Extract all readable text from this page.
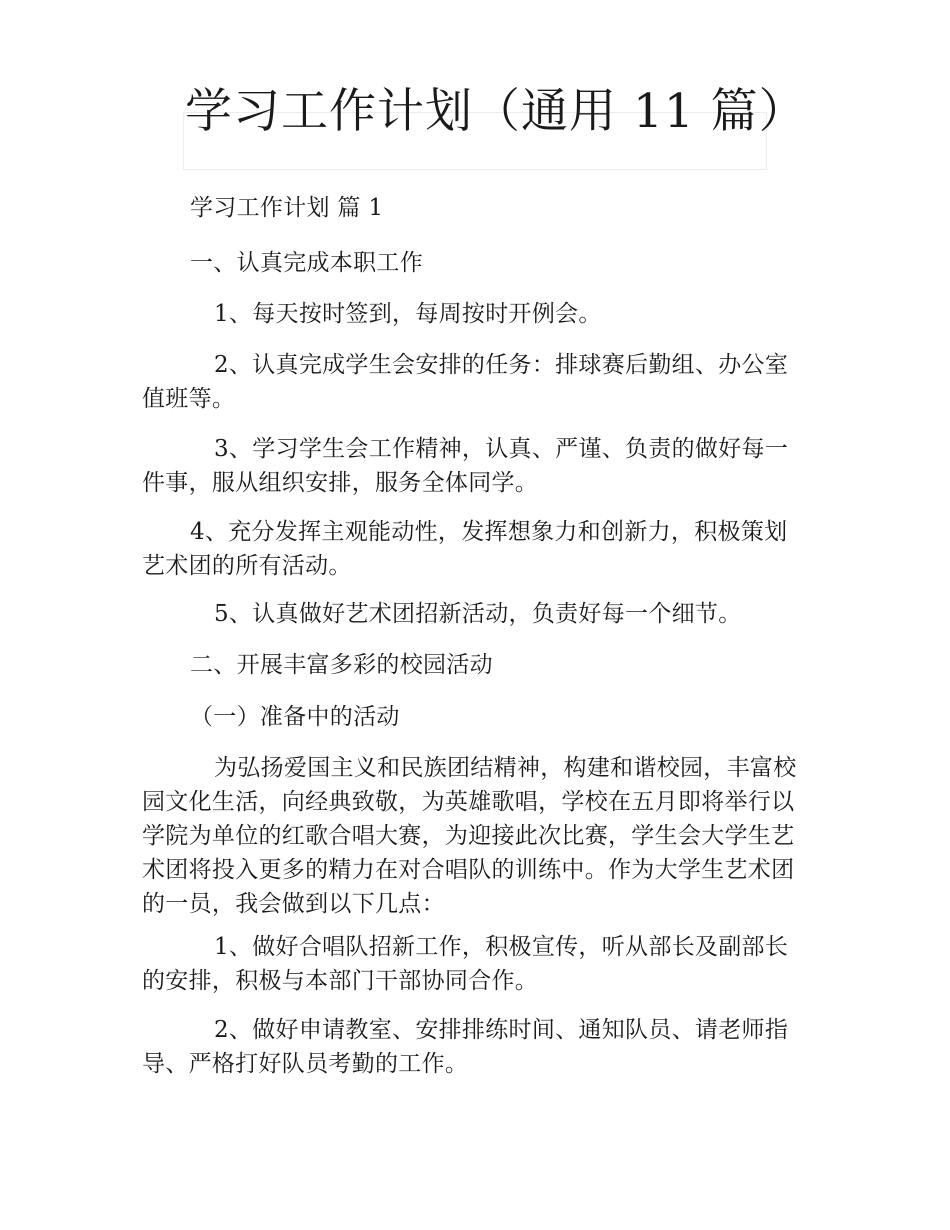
学习工作计划（通用 11 篇）

学习工作计划 篇 1

一、认真完成本职工作

1、每天按时签到，每周按时开例会。

2、认真完成学生会安排的任务：排球赛后勤组、办公室值班等。

3、学习学生会工作精神，认真、严谨、负责的做好每一件事，服从组织安排，服务全体同学。

4、充分发挥主观能动性，发挥想象力和创新力，积极策划艺术团的所有活动。

5、认真做好艺术团招新活动，负责好每一个细节。

二、开展丰富多彩的校园活动

（一）准备中的活动

为弘扬爱国主义和民族团结精神，构建和谐校园，丰富校园文化生活，向经典致敬，为英雄歌唱，学校在五月即将举行以学院为单位的红歌合唱大赛，为迎接此次比赛，学生会大学生艺术团将投入更多的精力在对合唱队的训练中。作为大学生艺术团的一员，我会做到以下几点：

1、做好合唱队招新工作，积极宣传，听从部长及副部长的安排，积极与本部门干部协同合作。

2、做好申请教室、安排排练时间、通知队员、请老师指导、严格打好队员考勤的工作。
